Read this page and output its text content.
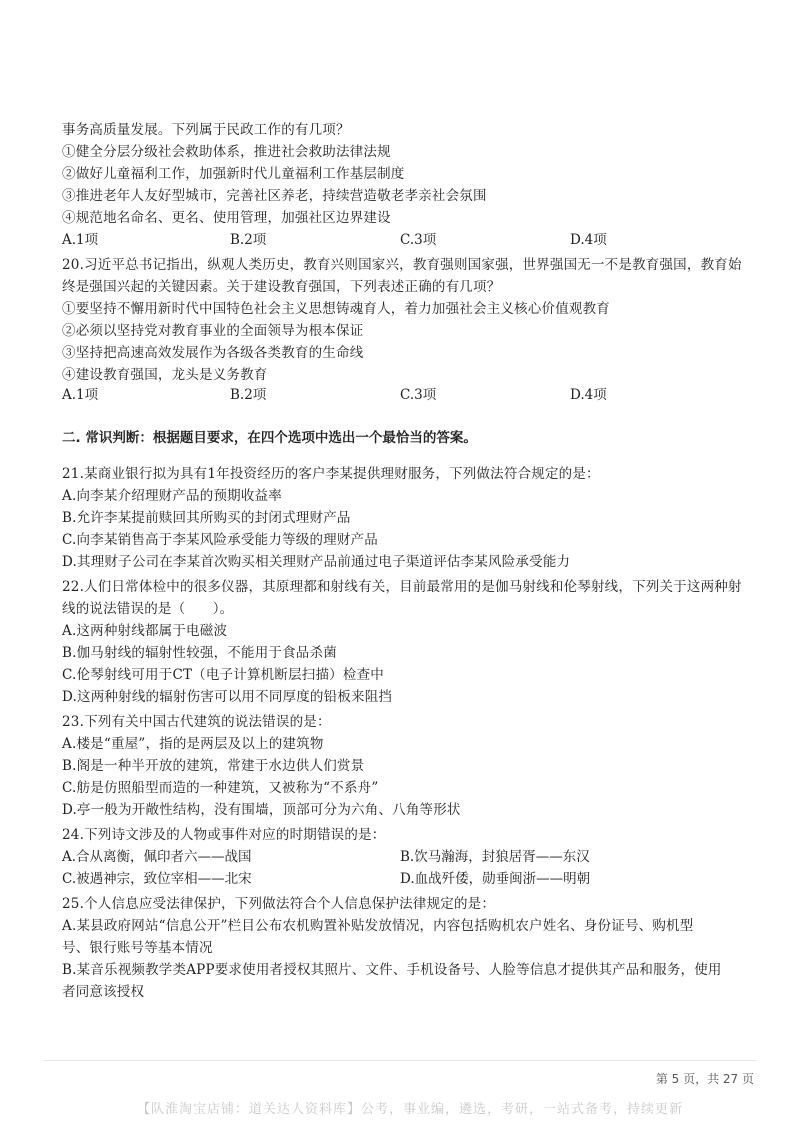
事务高质量发展。下列属于民政工作的有几项？
①健全分层分级社会救助体系，推进社会救助法律法规
②做好儿童福利工作，加强新时代儿童福利工作基层制度
③推进老年人友好型城市，完善社区养老，持续营造敬老孝亲社会氛围
④规范地名命名、更名、使用管理，加强社区边界建设
A.1项	B.2项	C.3项	D.4项
20.习近平总书记指出，纵观人类历史，教育兴则国家兴，教育强则国家强，世界强国无一不是教育强国，教育始
终是强国兴起的关键因素。关于建设教育强国，下列表述正确的有几项？
①要坚持不懈用新时代中国特色社会主义思想铸魂育人，着力加强社会主义核心价值观教育
②必须以坚持党对教育事业的全面领导为根本保证
③坚持把高速高效发展作为各级各类教育的生命线
④建设教育强国，龙头是义务教育
A.1项	B.2项	C.3项	D.4项
二. 常识判断：根据题目要求，在四个选项中选出一个最恰当的答案。
21.某商业银行拟为具有1年投资经历的客户李某提供理财服务，下列做法符合规定的是：
A.向李某介绍理财产品的预期收益率
B.允许李某提前赎回其所购买的封闭式理财产品
C.向李某销售高于李某风险承受能力等级的理财产品
D.其理财子公司在李某首次购买相关理财产品前通过电子渠道评估李某风险承受能力
22.人们日常体检中的很多仪器，其原理都和射线有关，目前最常用的是伽马射线和伦琴射线，下列关于这两种射
线的说法错误的是（　　）。
A.这两种射线都属于电磁波
B.伽马射线的辐射性较强，不能用于食品杀菌
C.伦琴射线可用于CT（电子计算机断层扫描）检查中
D.这两种射线的辐射伤害可以用不同厚度的铅板来阻挡
23.下列有关中国古代建筑的说法错误的是：
A.楼是“重屋”，指的是两层及以上的建筑物
B.阁是一种半开放的建筑，常建于水边供人们赏景
C.舫是仿照船型而造的一种建筑，又被称为“不系舟”
D.亭一般为开敞性结构，没有围墙，顶部可分为六角、八角等形状
24.下列诗文涉及的人物或事件对应的时期错误的是：
A.合从离衡，佩印者六——战国	B.饮马瀚海，封狼居胥——东汉
C.被遇神宗，致位宰相——北宋	D.血战歼倭，勋垂闽浙——明朝
25.个人信息应受法律保护，下列做法符合个人信息保护法律规定的是：
A.某县政府网站“信息公开”栏目公布农机购置补贴发放情况，内容包括购机农户姓名、身份证号、购机型
号、银行账号等基本情况
B.某音乐视频教学类APP要求使用者授权其照片、文件、手机设备号、人脸等信息才提供其产品和服务，使用
者同意该授权
第 5 页，共 27 页
【队淮淘宝店铺：道关达人资料库】公考，事业编，遴选，考研，一站式备考，持续更新
